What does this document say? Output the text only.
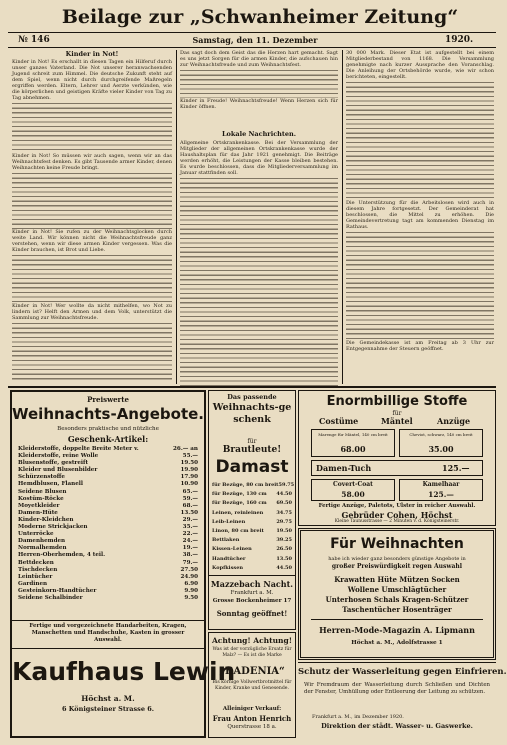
Beilage zur „Schwanheimer Zeitung“
№ 146	Samstag, den 11. Dezember	1920.
Kinder in Not!
Kinder in Not! Es erschallt in diesen Tagen ein Hilferuf durch unser ganzes Vaterland. Die Not unserer heranwachsenden Jugend schreit zum Himmel. Die deutsche Zukunft steht auf dem Spiel, wenn nicht durch durchgreifende Maßregeln ergriffen werden. Eltern, Lehrer und Aerzte verkünden, wie die körperlichen und geistigen Kräfte vieler Kinder von Tag zu Tag abnehmen.
Kinder in Not! So müssen wir auch sagen, wenn wir an das Weihnachtsfest denken. Es gibt Tausende armer Kinder, denen Weihnachten keine Freude bringt.
Kinder in Not! Sie rufen zu der Weihnachtsglocken durch weite Land. Wir können nicht die Weihnachtsfreude ganz verstehen, wenn wir diese armen Kinder vergessen. Was die Kinder brauchen, ist Brot und Liebe.
Kinder in Not! Wer wollte da nicht mithelfen, wo Not zu lindern ist? Helft den Armen und dem Volk, unterstützt die Sammlung zur Weihnachtsfreude.
Das sagt doch dem Geist das die Herzen hart gemacht. Sagt es uns jetzt Sorgen für die armen Kinder, die aufschauen hin zur Weihnachtsfreude und zum Weihnachtsfest.
Kinder in Freude! Weihnachtsfreude! Wenn Herzen sich für Kinder öffnen.
Lokale Nachrichten.
Allgemeine Ortskrankenkasse. Bei der Versammlung der Mitglieder der allgemeinen Ortskrankenkasse wurde der Haushaltsplan für das Jahr 1921 genehmigt. Die Beiträge werden erhöht, die Leistungen der Kasse bleiben bestehen. Es wurde beschlossen, dass die Mitgliederversammlung im Januar stattfinden soll.
30 000 Mark. Dieser Etat ist aufgestellt bei einem Mitgliederbestand von 1168. Die Versammlung genehmigte nach kurzer Aussprache den Voranschlag. Die Anleihung der Ortsbehörde wurde, wie wir schon berichteten, eingestellt.
Die Unterstützung für die Arbeitslosen wird auch in diesem Jahre fortgesetzt. Der Gemeinderat hat beschlossen, die Mittel zu erhöhen. Die Gemeindevertretung tagt am kommenden Dienstag im Rathaus.
Die Gemeindekasse ist am Freitag ab 3 Uhr zur Entgegennahme der Steuern geöffnet.
Preiswerte
Weihnachts-Angebote.
Besonders praktische und nützliche
Geschenk-Artikel:
Kleiderstoffe, doppelte Breite Meter v.	26.— an
Kleiderstoffe, reine Wolle	55.—
Blusenstoffe, gestreift	19.50
Kleider und Blusenbilder	19.90
Schürzenstoffe	17.90
Hemdblusen, Flanell	10.90
Seidene Blusen	65.—
Kostüm-Röcke	59.—
Moyetkleider	68.—
Damen-Hüte	13.50
Kinder-Kleidchen	29.—
Moderne Strickjacken	35.—
Unterröcke	22.—
Damenhemden	24.—
Normalhemden	19.—
Herren-Oberhemden, 4 teil.	38.—
Bettdecken	79.—
Tischdecken	27.50
Leintücher	24.90
Gardinen	6.90
Gesteinkorn-Handtücher	9.90
Seidene Schalbinder	9.50
Fertige und vorgezeichnete Handarbeiten, Kragen, Manschetten und Handschuhe, Kasten in grosser Auswahl.
Kaufhaus Lewin
Höchst a. M.
6 Königsteiner Strasse 6.
Das passende
Weihnachts-geschenk
für
Brautleute!
Damast
für Bezüge, 80 cm breit 59.75
für Bezüge, 130 cm 44.50
für Bezüge, 160 cm 69.50
Leinen, reinleinen	34.75
Leib-Leinen	29.75
Linon, 80 cm breit	19.50
Bettlaken	39.25
Kissen-Leinen	26.50
Handtücher	13.50
Kopfkissen	44.50
Mazzebach Nacht.
Frankfurt a. M.
Grosse Bockenheimer 17
Sonntag geöffnet!
Achtung! Achtung!
Was ist der vorzügliche Ersatz für Malz? — Es ist die Marke
„BADENIA“
Bis körnige Vollwertbrotmittel für Kinder, Kranke und Genesende.
Alleiniger Verkauf:
Frau Anton Henrich
Querstrasse 18 a.
Enormbillige Stoffe
für
Costüme	Mäntel	Anzüge
Marenge für Mäntel, 140 cm breit
68.00
Cheviot, schwarz, 140 cm breit
35.00
Damen-Tuch	125.—
Covert-Coat
58.00
Kamelhaar
125.—
Fertige Anzüge, Paletots, Ulster in reicher Auswahl.
Gebrüder Cohen, Höchst
Kleine Taunusstrasse — 2 Minuten v. d. Königsteinerstr.
Für Weihnachten
habe ich wieder ganz besonders günstige Angebote in
großer Preiswürdigkeit regen Auswahl
Krawatten Hüte Mützen Socken
Wollene Umschlägtücher
Unterhosen Schals Kragen-Schützer
Taschentücher Hosenträger
Herren-Mode-Magazin A. Lipmann
Höchst a. M., Adolfstrasse 1
Schutz der Wasserleitung gegen Einfrieren.
Wir Fremdraum der Wasserleitung durch Schließen und Dichten der Fenster, Umhüllung oder Entleerung der Leitung zu schützen.
Frankfurt a. M., im Dezember 1920.
Direktion der städt. Wasser- u. Gaswerke.
